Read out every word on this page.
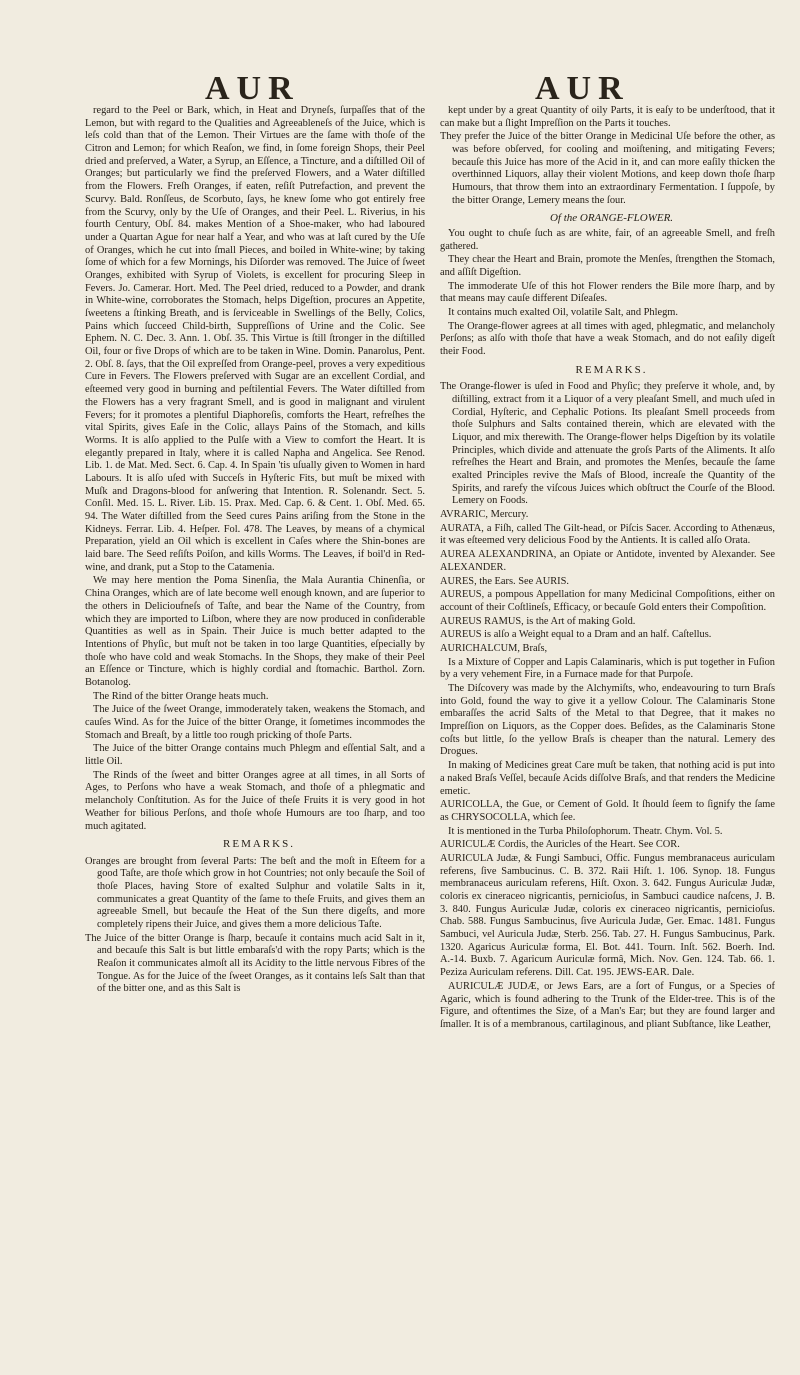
AUR	AUR

regard to the Peel or Bark, which, in Heat and Dryneſs, ſurpaſſes that of the Lemon, but with regard to the Qualities and Agreeableneſs of the Juice, which is leſs cold than that of the Lemon. Their Virtues are the ſame with thoſe of the Citron and Lemon; for which Reaſon, we find, in ſome foreign Shops, their Peel dried and preſerved, a Water, a Syrup, an Eſſence, a Tincture, and a diſtilled Oil of Oranges; but particularly we find the preſerved Flowers, and a Water diſtilled from the Flowers. Freſh Oranges, if eaten, reſiſt Putrefaction, and prevent the Scurvy. Bald. Ronſſeus, de Scorbuto, ſays, he knew ſome who got entirely free from the Scurvy, only by the Uſe of Oranges, and their Peel. L. Riverius, in his fourth Century, Obſ. 84. makes Mention of a Shoe-maker, who had laboured under a Quartan Ague for near half a Year, and who was at laſt cured by the Uſe of Oranges, which he cut into ſmall Pieces, and boiled in White-wine; by taking ſome of which for a few Mornings, his Diſorder was removed. The Juice of ſweet Oranges, exhibited with Syrup of Violets, is excellent for procuring Sleep in Fevers. Jo. Camerar. Hort. Med. The Peel dried, reduced to a Powder, and drank in White-wine, corroborates the Stomach, helps Digeſtion, procures an Appetite, ſweetens a ſtinking Breath, and is ſerviceable in Swellings of the Belly, Colics, Pains which ſucceed Child-birth, Suppreſſions of Urine and the Colic. See Ephem. N. C. Dec. 3. Ann. 1. Obſ. 35. This Virtue is ſtill ſtronger in the diſtilled Oil, four or five Drops of which are to be taken in Wine. Domin. Panarolus, Pent. 2. Obſ. 8. ſays, that the Oil expreſſed from Orange-peel, proves a very expeditious Cure in Fevers. The Flowers preſerved with Sugar are an excellent Cordial, and eſteemed very good in burning and peſtilential Fevers. The Water diſtilled from the Flowers has a very fragrant Smell, and is good in malignant and virulent Fevers; for it promotes a plentiful Diaphoreſis, comforts the Heart, refreſhes the vital Spirits, gives Eaſe in the Colic, allays Pains of the Stomach, and kills Worms. It is alſo applied to the Pulſe with a View to comfort the Heart. It is elegantly prepared in Italy, where it is called Napha and Angelica. See Renod. Lib. 1. de Mat. Med. Sect. 6. Cap. 4. In Spain 'tis uſually given to Women in hard Labours. It is alſo uſed with Succeſs in Hyſteric Fits, but muſt be mixed with Muſk and Dragons-blood for anſwering that Intention. R. Solenandr. Sect. 5. Conſil. Med. 15. L. River. Lib. 15. Prax. Med. Cap. 6. & Cent. 1. Obſ. Med. 65. 94. The Water diſtilled from the Seed cures Pains ariſing from the Stone in the Kidneys. Ferrar. Lib. 4. Heſper. Fol. 478. The Leaves, by means of a chymical Preparation, yield an Oil which is excellent in Caſes where the Shin-bones are laid bare. The Seed reſiſts Poiſon, and kills Worms. The Leaves, if boil'd in Red-wine, and drank, put a Stop to the Catamenia.

We may here mention the Poma Sinenſia, the Mala Aurantia Chinenſia, or China Oranges, which are of late become well enough known, and are ſuperior to the others in Delicioufneſs of Taſte, and bear the Name of the Country, from which they are imported to Liſbon, where they are now produced in conſiderable Quantities as well as in Spain. Their Juice is much better adapted to the Intentions of Phyſic, but muſt not be taken in too large Quantities, eſpecially by thoſe who have cold and weak Stomachs. In the Shops, they make of their Peel an Eſſence or Tincture, which is highly cordial and ſtomachic. Barthol. Zorn. Botanolog.

The Rind of the bitter Orange heats much.

The Juice of the ſweet Orange, immoderately taken, weakens the Stomach, and cauſes Wind. As for the Juice of the bitter Orange, it ſometimes incommodes the Stomach and Breaſt, by a little too rough pricking of thoſe Parts.

The Juice of the bitter Orange contains much Phlegm and eſſential Salt, and a little Oil.

The Rinds of the ſweet and bitter Oranges agree at all times, in all Sorts of Ages, to Perſons who have a weak Stomach, and thoſe of a phlegmatic and melancholy Conſtitution. As for the Juice of theſe Fruits it is very good in hot Weather for bilious Perſons, and thoſe whoſe Humours are too ſharp, and too much agitated.

REMARKS.

Oranges are brought from ſeveral Parts: The beſt and the moſt in Eſteem for a good Taſte, are thoſe which grow in hot Countries; not only becauſe the Soil of thoſe Places, having Store of exalted Sulphur and volatile Salts in it, communicates a great Quantity of the ſame to theſe Fruits, and gives them an agreeable Smell, but becauſe the Heat of the Sun there digeſts, and more completely ripens their Juice, and gives them a more delicious Taſte.

The Juice of the bitter Orange is ſharp, becauſe it contains much acid Salt in it, and becauſe this Salt is but little embaraſs'd with the ropy Parts; which is the Reaſon it communicates almoſt all its Acidity to the little nervous Fibres of the Tongue. As for the Juice of the ſweet Oranges, as it contains leſs Salt than that of the bitter one, and as this Salt is

kept under by a great Quantity of oily Parts, it is eaſy to be underſtood, that it can make but a ſlight Impreſſion on the Parts it touches.

They prefer the Juice of the bitter Orange in Medicinal Uſe before the other, as was before obſerved, for cooling and moiſtening, and mitigating Fevers; becauſe this Juice has more of the Acid in it, and can more eaſily thicken the overthinned Liquors, allay their violent Motions, and keep down thoſe ſharp Humours, that throw them into an extraordinary Fermentation. I ſuppoſe, by the bitter Orange, Lemery means the ſour.

Of the ORANGE-FLOWER.

You ought to chuſe ſuch as are white, fair, of an agreeable Smell, and freſh gathered.

They chear the Heart and Brain, promote the Menſes, ſtrengthen the Stomach, and aſſiſt Digeſtion.

The immoderate Uſe of this hot Flower renders the Bile more ſharp, and by that means may cauſe different Diſeaſes.

It contains much exalted Oil, volatile Salt, and Phlegm.

The Orange-flower agrees at all times with aged, phlegmatic, and melancholy Perſons; as alſo with thoſe that have a weak Stomach, and do not eaſily digeſt their Food.

REMARKS.

The Orange-flower is uſed in Food and Phyſic; they preſerve it whole, and, by diſtilling, extract from it a Liquor of a very pleaſant Smell, and much uſed in Cordial, Hyſteric, and Cephalic Potions. Its pleaſant Smell proceeds from thoſe Sulphurs and Salts contained therein, which are elevated with the Liquor, and mix therewith. The Orange-flower helps Digeſtion by its volatile Principles, which divide and attenuate the groſs Parts of the Aliments. It alſo refreſhes the Heart and Brain, and promotes the Menſes, becauſe the ſame exalted Principles revive the Maſs of Blood, increaſe the Quantity of the Spirits, and rarefy the viſcous Juices which obſtruct the Courſe of the Blood. Lemery on Foods.

AVRARIC, Mercury.

AURATA, a Fiſh, called The Gilt-head, or Piſcis Sacer. According to Athenæus, it was eſteemed very delicious Food by the Antients. It is called alſo Orata.

AUREA ALEXANDRINA, an Opiate or Antidote, invented by Alexander. See ALEXANDER.

AURES, the Ears. See AURIS.

AUREUS, a pompous Appellation for many Medicinal Compoſitions, either on account of their Coſtlineſs, Efficacy, or becauſe Gold enters their Compoſition.

AUREUS RAMUS, is the Art of making Gold.

AUREUS is alſo a Weight equal to a Dram and an half. Caſtellus.

AURICHALCUM, Braſs,

Is a Mixture of Copper and Lapis Calaminaris, which is put together in Fuſion by a very vehement Fire, in a Furnace made for that Purpoſe.

The Diſcovery was made by the Alchymiſts, who, endeavouring to turn Braſs into Gold, found the way to give it a yellow Colour. The Calaminaris Stone embaraſſes the acrid Salts of the Metal to that Degree, that it makes no Impreſſion on Liquors, as the Copper does. Beſides, as the Calaminaris Stone coſts but little, ſo the yellow Braſs is cheaper than the natural. Lemery des Drogues.

In making of Medicines great Care muſt be taken, that nothing acid is put into a naked Braſs Veſſel, becauſe Acids diſſolve Braſs, and that renders the Medicine emetic.

AURICOLLA, the Gue, or Cement of Gold. It ſhould ſeem to ſignify the ſame as CHRYSOCOLLA, which ſee.

It is mentioned in the Turba Philoſophorum. Theatr. Chym. Vol. 5.

AURICULÆ Cordis, the Auricles of the Heart. See COR.

AURICULA Judæ, & Fungi Sambuci, Offic. Fungus membranaceus auriculam referens, ſive Sambucinus. C. B. 372. Raii Hiſt. 1. 106. Synop. 18. Fungus membranaceus auriculam referens, Hiſt. Oxon. 3. 642. Fungus Auriculæ Judæ, coloris ex cineraceo nigricantis, pernicioſus, in Sambuci caudice naſcens, J. B. 3. 840. Fungus Auriculæ Judæ, coloris ex cineraceo nigricantis, pernicioſus. Chab. 588. Fungus Sambucinus, ſive Auricula Judæ, Ger. Emac. 1481. Fungus Sambuci, vel Auricula Judæ, Sterb. 256. Tab. 27. H. Fungus Sambucinus, Park. 1320. Agaricus Auriculæ forma, El. Bot. 441. Tourn. Inſt. 562. Boerh. Ind. A.-14. Buxb. 7. Agaricum Auriculæ formâ, Mich. Nov. Gen. 124. Tab. 66. 1. Peziza Auriculam referens. Dill. Cat. 195. JEWS-EAR. Dale.

AURICULÆ JUDÆ, or Jews Ears, are a ſort of Fungus, or a Species of Agaric, which is found adhering to the Trunk of the Elder-tree. This is of the Figure, and oftentimes the Size, of a Man's Ear; but they are found larger and ſmaller. It is of a membranous, cartilaginous, and pliant Subſtance, like Leather,
